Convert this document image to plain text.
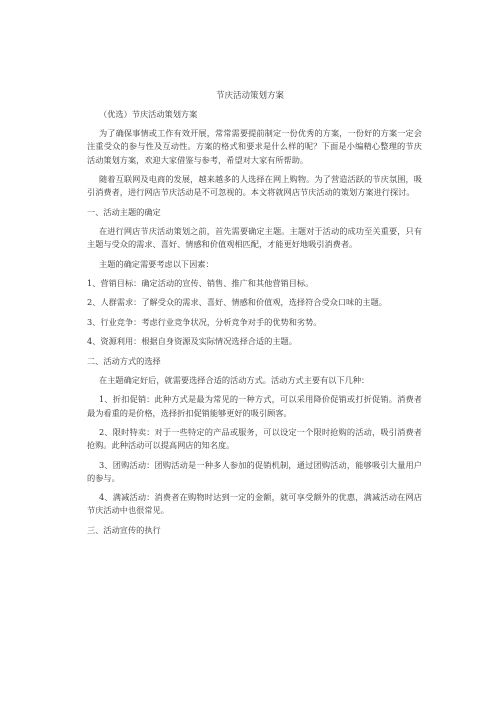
节庆活动策划方案

（优选）节庆活动策划方案

为了确保事情或工作有效开展，常常需要提前制定一份优秀的方案，一份好的方案一定会注重受众的参与性及互动性。方案的格式和要求是什么样的呢？下面是小编精心整理的节庆活动策划方案，欢迎大家借鉴与参考，希望对大家有所帮助。

随着互联网及电商的发展，越来越多的人选择在网上购物。为了营造活跃的节庆氛围，吸引消费者，进行网店节庆活动是不可忽视的。本文将就网店节庆活动的策划方案进行探讨。

一、活动主题的确定

在进行网店节庆活动策划之前，首先需要确定主题。主题对于活动的成功至关重要，只有主题与受众的需求、喜好、情感和价值观相匹配，才能更好地吸引消费者。

主题的确定需要考虑以下因素：

1、营销目标：确定活动的宣传、销售、推广和其他营销目标。

2、人群需求：了解受众的需求、喜好、情感和价值观，选择符合受众口味的主题。

3、行业竞争：考虑行业竞争状况，分析竞争对手的优势和劣势。

4、资源利用：根据自身资源及实际情况选择合适的主题。

二、活动方式的选择

在主题确定好后，就需要选择合适的活动方式。活动方式主要有以下几种：

1、折扣促销：此种方式是最为常见的一种方式，可以采用降价促销或打折促销。消费者最为看重的是价格，选择折扣促销能够更好的吸引顾客。

2、限时特卖：对于一些特定的产品或服务，可以设定一个限时抢购的活动，吸引消费者抢购。此种活动可以提高网店的知名度。

3、团购活动：团购活动是一种多人参加的促销机制，通过团购活动，能够吸引大量用户的参与。

4、满减活动：消费者在购物时达到一定的金额，就可享受额外的优惠，满减活动在网店节庆活动中也很常见。

三、活动宣传的执行
